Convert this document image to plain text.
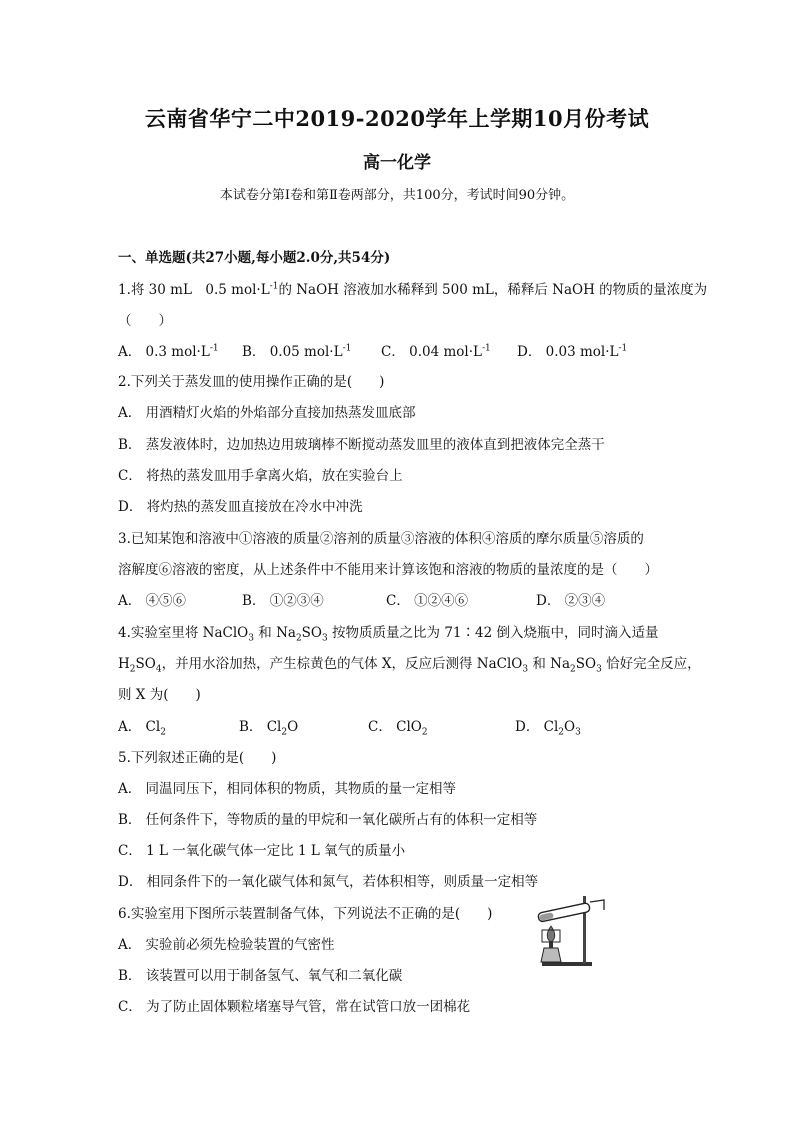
云南省华宁二中2019-2020学年上学期10月份考试
高一化学
本试卷分第Ⅰ卷和第Ⅱ卷两部分，共100分，考试时间90分钟。
一、单选题(共27小题,每小题2.0分,共54分)
1.将 30 mL　0.5 $mol\cdot L^{-1}$的 NaOH 溶液加水稀释到 500 mL，稀释后 NaOH 的物质的量浓度为
（　　）
A． 0.3 $mol\cdot L^{-1}$ B． 0.05 $mol\cdot L^{-1}$ C． 0.04 $mol\cdot L^{-1}$ D． 0.03 $mol\cdot L^{-1}$
2.下列关于蒸发皿的使用操作正确的是(　　)
A． 用酒精灯火焰的外焰部分直接加热蒸发皿底部
B． 蒸发液体时，边加热边用玻璃棒不断搅动蒸发皿里的液体直到把液体完全蒸干
C． 将热的蒸发皿用手拿离火焰，放在实验台上
D． 将灼热的蒸发皿直接放在冷水中冲洗
3.已知某饱和溶液中①溶液的质量②溶剂的质量③溶液的体积④溶质的摩尔质量⑤溶质的
溶解度⑥溶液的密度，从上述条件中不能用来计算该饱和溶液的物质的量浓度的是（　　）
A． ④⑤⑥	B． ①②③④	C． ①②④⑥	D． ②③④
4.实验室里将 NaClO$_3$ 和 $Na_2SO_3$ 按物质质量之比为 71∶42 倒入烧瓶中，同时滴入适量
$H_2SO_4$，并用水浴加热，产生棕黄色的气体 X，反应后测得 NaClO$_3$ 和 $Na_2SO_3$ 恰好完全反应，
则 X 为(　　)
A． $Cl_2$	B． $Cl_2O$	C． ClO$_2$	D． $Cl_2O_3$
5.下列叙述正确的是(　　)
A． 同温同压下，相同体积的物质，其物质的量一定相等
B． 任何条件下，等物质的量的甲烷和一氧化碳所占有的体积一定相等
C． 1 L 一氧化碳气体一定比 1 L 氧气的质量小
D． 相同条件下的一氧化碳气体和氮气，若体积相等，则质量一定相等
6.实验室用下图所示装置制备气体，下列说法不正确的是(　　)
A． 实验前必须先检验装置的气密性
B． 该装置可以用于制备氢气、氧气和二氧化碳
C． 为了防止固体颗粒堵塞导气管，常在试管口放一团棉花
